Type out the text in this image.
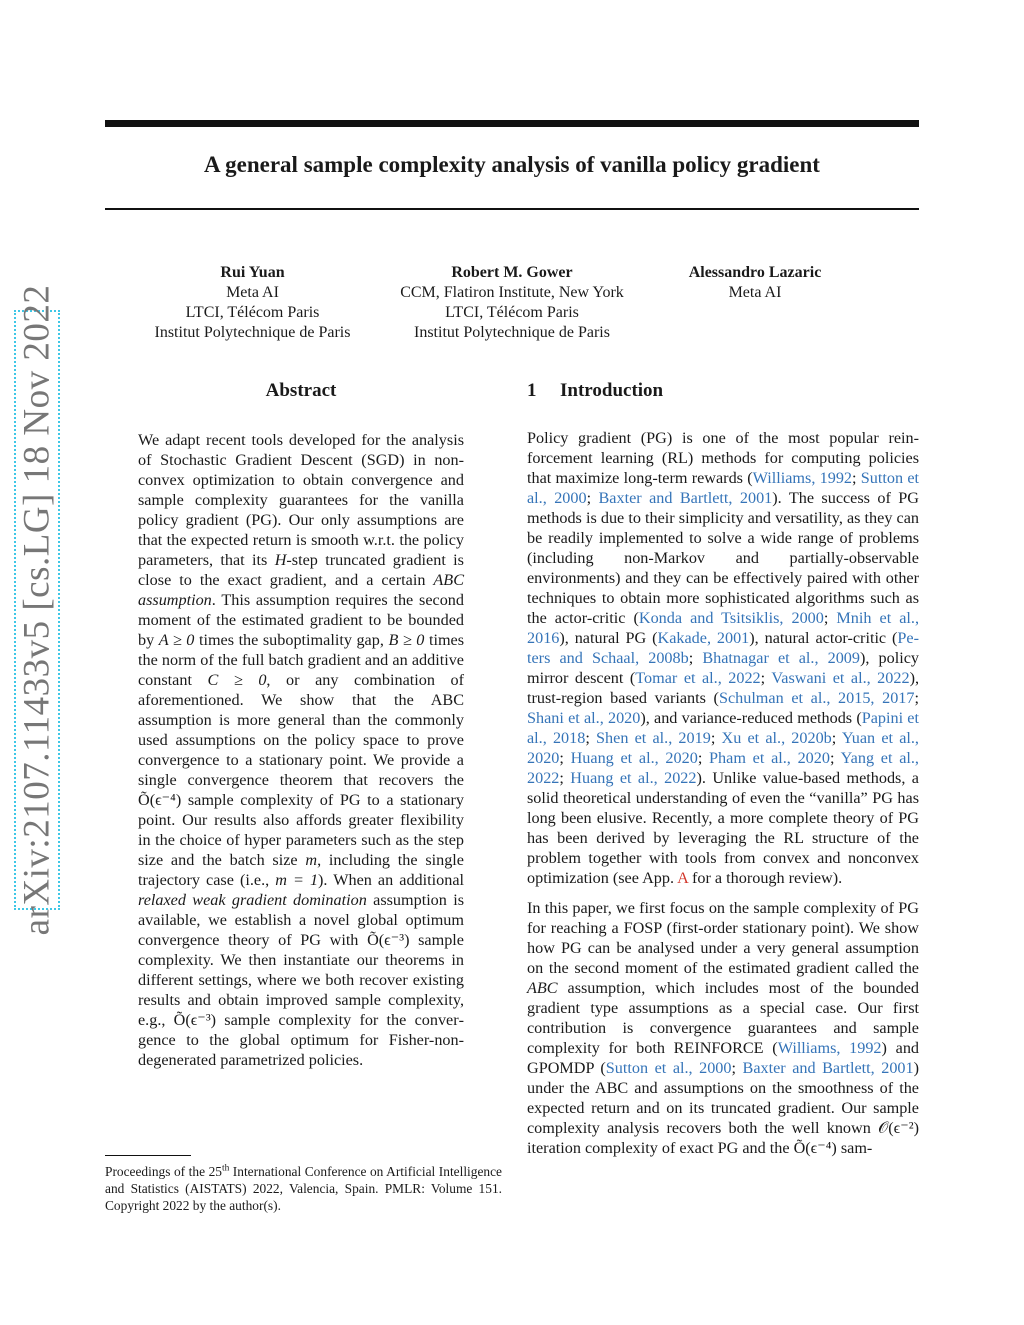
arXiv:2107.11433v5 [cs.LG] 18 Nov 2022
A general sample complexity analysis of vanilla policy gradient
Rui Yuan
Meta AI
LTCI, Télécom Paris
Institut Polytechnique de Paris
Robert M. Gower
CCM, Flatiron Institute, New York
LTCI, Télécom Paris
Institut Polytechnique de Paris
Alessandro Lazaric
Meta AI
Abstract

We adapt recent tools developed for the analysis of Stochastic Gradient Descent (SGD) in non-convex optimization to obtain convergence and sample complexity guarantees for the vanilla policy gradient (PG). Our only assumptions are that the expected return is smooth w.r.t. the policy parameters, that its H-step truncated gradient is close to the exact gradient, and a certain ABC assumption. This assumption requires the second moment of the estimated gradient to be bounded by A ≥ 0 times the suboptimality gap, B ≥ 0 times the norm of the full batch gradient and an additive constant C ≥ 0, or any combination of aforementioned. We show that the ABC assumption is more general than the commonly used assumptions on the policy space to prove convergence to a stationary point. We provide a single convergence theorem that recovers the Õ(ϵ⁻⁴) sample complexity of PG to a stationary point. Our results also affords greater flexibility in the choice of hyper parameters such as the step size and the batch size m, including the single trajectory case (i.e., m = 1). When an additional relaxed weak gradient domination assumption is available, we establish a novel global optimum convergence theory of PG with Õ(ϵ⁻³) sample complexity. We then instantiate our theorems in different settings, where we both recover existing results and obtain improved sample complexity, e.g., Õ(ϵ⁻³) sample complexity for the convergence to the global optimum for Fisher-non-degenerated parametrized policies.

1 Introduction

Policy gradient (PG) is one of the most popular reinforcement learning (RL) methods for computing policies that maximize long-term rewards (Williams, 1992; Sutton et al., 2000; Baxter and Bartlett, 2001). The success of PG methods is due to their simplicity and versatility, as they can be readily implemented to solve a wide range of problems (including non-Markov and partially-observable environments) and they can be effectively paired with other techniques to obtain more sophisticated algorithms such as the actor-critic (Konda and Tsitsiklis, 2000; Mnih et al., 2016), natural PG (Kakade, 2001), natural actor-critic (Peters and Schaal, 2008b; Bhatnagar et al., 2009), policy mirror descent (Tomar et al., 2022; Vaswani et al., 2022), trust-region based variants (Schulman et al., 2015, 2017; Shani et al., 2020), and variance-reduced methods (Papini et al., 2018; Shen et al., 2019; Xu et al., 2020b; Yuan et al., 2020; Huang et al., 2020; Pham et al., 2020; Yang et al., 2022; Huang et al., 2022). Unlike value-based methods, a solid theoretical understanding of even the “vanilla” PG has long been elusive. Recently, a more complete theory of PG has been derived by leveraging the RL structure of the problem together with tools from convex and nonconvex optimization (see App. A for a thorough review).

In this paper, we first focus on the sample complexity of PG for reaching a FOSP (first-order stationary point). We show how PG can be analysed under a very general assumption on the second moment of the estimated gradient called the ABC assumption, which includes most of the bounded gradient type assumptions as a special case. Our first contribution is convergence guarantees and sample complexity for both REINFORCE (Williams, 1992) and GPOMDP (Sutton et al., 2000; Baxter and Bartlett, 2001) under the ABC and assumptions on the smoothness of the expected return and on its truncated gradient. Our sample complexity analysis recovers both the well known 𝒪(ϵ⁻²) iteration complexity of exact PG and the Õ(ϵ⁻⁴) sam-

Proceedings of the 25th International Conference on Artificial Intelligence and Statistics (AISTATS) 2022, Valencia, Spain. PMLR: Volume 151. Copyright 2022 by the author(s).
